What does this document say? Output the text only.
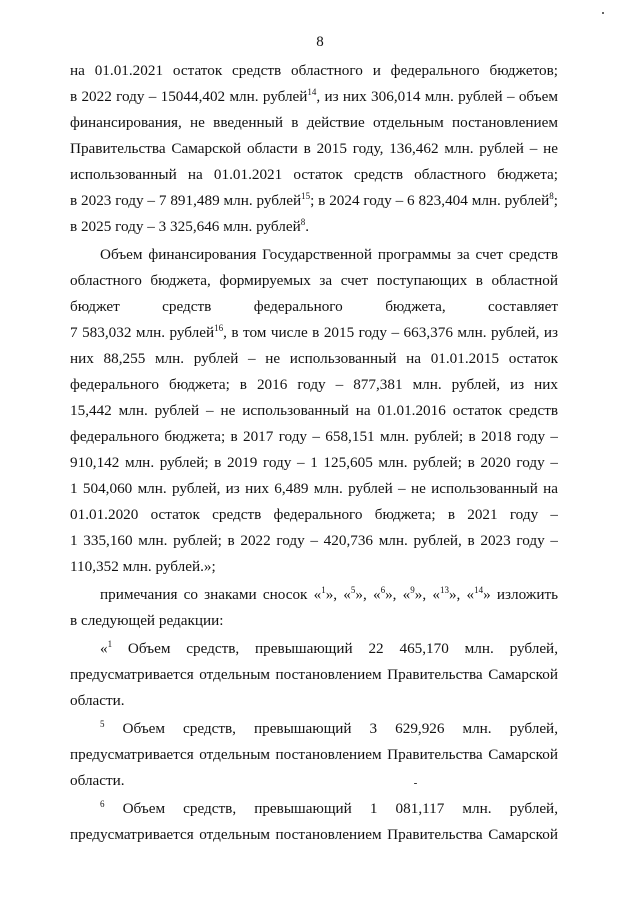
8
на 01.01.2021 остаток средств областного и федерального бюджетов;
в 2022 году – 15044,402 млн. рублей$^{14}$, из них 306,014 млн. рублей – объем
финансирования, не введенный в действие отдельным постановлением
Правительства Самарской области в 2015 году, 136,462 млн. рублей – не
использованный на 01.01.2021 остаток средств областного бюджета;
в 2023 году – 7 891,489 млн. рублей$^{15}$; в 2024 году – 6 823,404 млн. рублей$^8$;
в 2025 году – 3 325,646 млн. рублей$^8$.
Объем финансирования Государственной программы за счет средств
областного бюджета, формируемых за счет поступающих в областной
бюджет средств федерального бюджета, составляет
7 583,032 млн. рублей$^{16}$, в том числе в 2015 году – 663,376 млн. рублей, из
них 88,255 млн. рублей – не использованный на 01.01.2015 остаток
федерального бюджета; в 2016 году – 877,381 млн. рублей, из них
15,442 млн. рублей – не использованный на 01.01.2016 остаток средств
федерального бюджета; в 2017 году – 658,151 млн. рублей; в 2018 году –
910,142 млн. рублей; в 2019 году – 1 125,605 млн. рублей; в 2020 году –
1 504,060 млн. рублей, из них 6,489 млн. рублей – не использованный на
01.01.2020 остаток средств федерального бюджета; в 2021 году –
1 335,160 млн. рублей; в 2022 году – 420,736 млн. рублей, в 2023 году –
110,352 млн. рублей.»;
примечания со знаками сносок «$^1$», «$^5$», «$^6$», «$^9$», «$^{13}$», «$^{14}$» изложить
в следующей редакции:
«$^1$ Объем средств, превышающий 22 465,170 млн. рублей,
предусматривается отдельным постановлением Правительства Самарской
области.
$^5$ Объем средств, превышающий 3 629,926 млн. рублей,
предусматривается отдельным постановлением Правительства Самарской
области.
$^6$ Объем средств, превышающий 1 081,117 млн. рублей,
предусматривается отдельным постановлением Правительства Самарской
